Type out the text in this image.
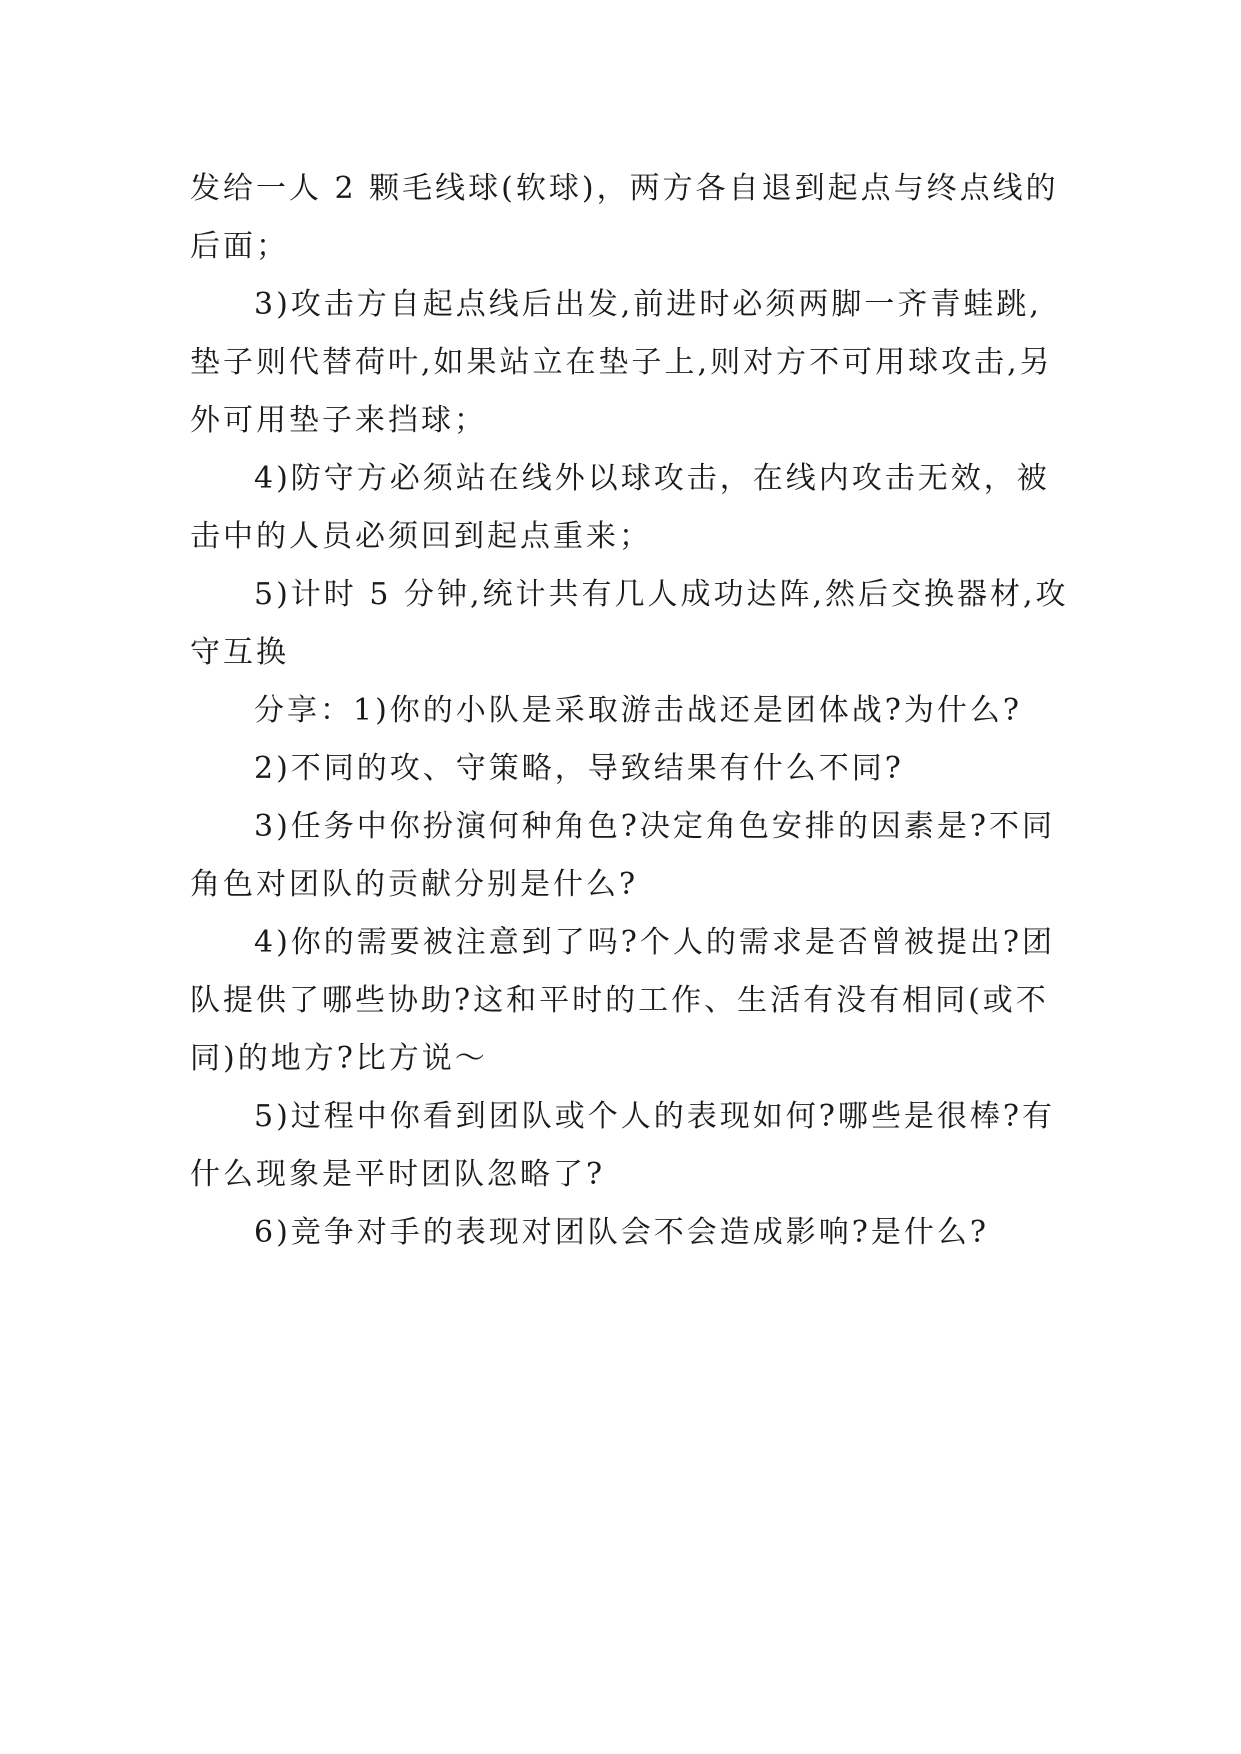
发给一人 2 颗毛线球(软球)，两方各自退到起点与终点线的后面；

3)攻击方自起点线后出发,前进时必须两脚一齐青蛙跳,垫子则代替荷叶,如果站立在垫子上,则对方不可用球攻击,另外可用垫子来挡球；

4)防守方必须站在线外以球攻击，在线内攻击无效，被击中的人员必须回到起点重来；

5)计时 5 分钟,统计共有几人成功达阵,然后交换器材,攻守互换

分享：1)你的小队是采取游击战还是团体战?为什么?

2)不同的攻、守策略，导致结果有什么不同?

3)任务中你扮演何种角色?决定角色安排的因素是?不同角色对团队的贡献分别是什么?

4)你的需要被注意到了吗?个人的需求是否曾被提出?团队提供了哪些协助?这和平时的工作、生活有没有相同(或不同)的地方?比方说～

5)过程中你看到团队或个人的表现如何?哪些是很棒?有什么现象是平时团队忽略了?

6)竞争对手的表现对团队会不会造成影响?是什么?
